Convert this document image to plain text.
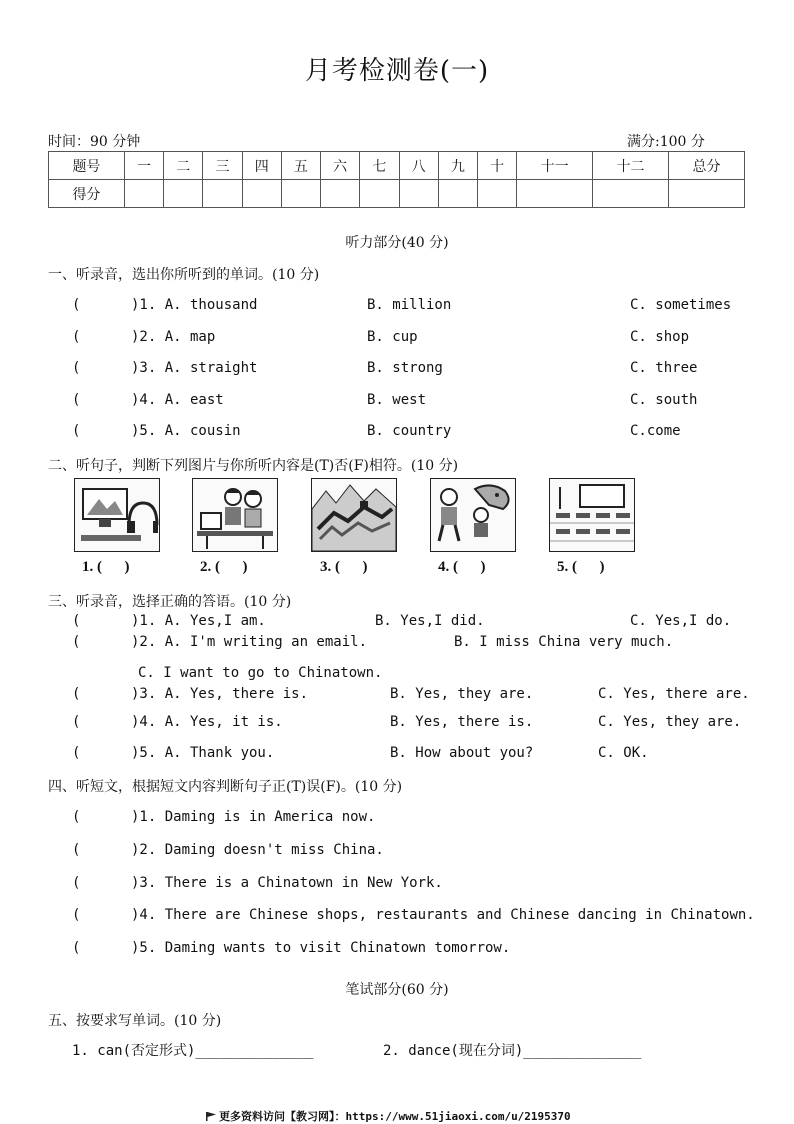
月考检测卷(一)
时间：90 分钟	满分:100 分
题号	一	二	三	四	五	六	七	八	九	十	十一	十二	总分
得分													
听力部分(40 分)
一、听录音，选出你所听到的单词。(10 分)
(      )1. A. thousand	B. million	C. sometimes
(      )2. A. map	B. cup	C. shop
(      )3. A. straight	B. strong	C. three
(      )4. A. east	B. west	C. south
(      )5. A. cousin	B. country	C.come
二、听句子，判断下列图片与你所听内容是(T)否(F)相符。(10 分)
1. (      )	2. (      )	3. (      )	4. (      )	5. (      )
三、听录音，选择正确的答语。(10 分)
(      )1. A. Yes,I am.	B. Yes,I did.	C. Yes,I do.
(      )2. A. I'm writing an email.	B. I miss China very much.
C. I want to go to Chinatown.
(      )3. A. Yes, there is.	B. Yes, they are.	C. Yes, there are.
(      )4. A. Yes, it is.	B. Yes, there is.	C. Yes, they are.
(      )5. A. Thank you.	B. How about you?	C. OK.
四、听短文，根据短文内容判断句子正(T)误(F)。(10 分)
(      )1. Daming is in America now.
(      )2. Daming doesn't miss China.
(      )3. There is a Chinatown in New York.
(      )4. There are Chinese shops, restaurants and Chinese dancing in Chinatown.
(      )5. Daming wants to visit Chinatown tomorrow.
笔试部分(60 分)
五、按要求写单词。(10 分)
1. can(否定形式)______________	2. dance(现在分词)______________
更多资料访问【教习网】：https://www.51jiaoxi.com/u/2195370
